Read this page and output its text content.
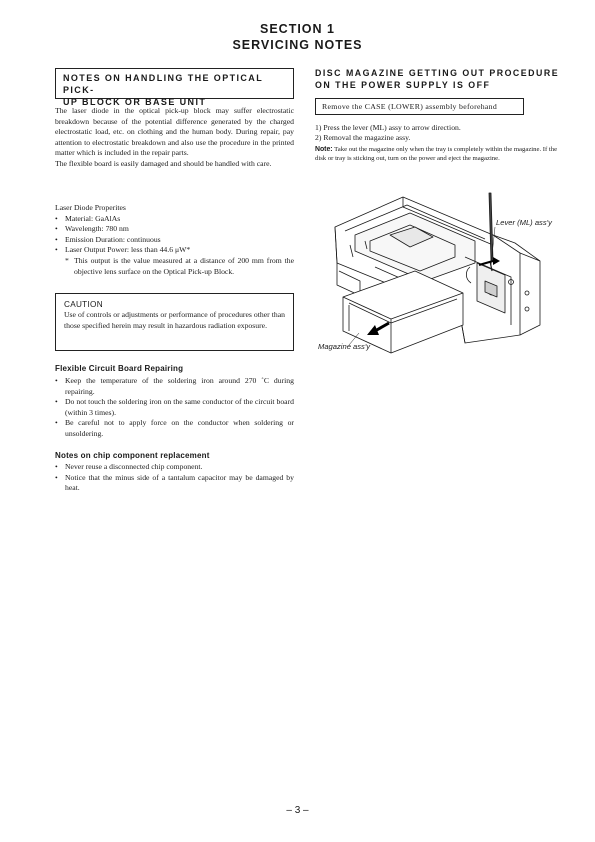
SECTION 1
SERVICING NOTES
NOTES ON HANDLING THE OPTICAL PICK-
UP BLOCK OR BASE UNIT

The laser diode in the optical pick-up block may suffer electrostatic breakdown because of the potential difference generated by the charged electrostatic load, etc. on clothing and the human body. During repair, pay attention to electrostatic breakdown and also use the procedure in the printed matter which is included in the repair parts.

The flexible board is easily damaged and should be handled with care.

Laser Diode Properites

• Material: GaAlAs
• Wavelength: 780 nm
• Emission Duration: continuous
• Laser Output Power: less than 44.6 μW*
* This output is the value measured at a distance of 200 mm from the objective lens surface on the Optical Pick-up Block.
CAUTION
Use of controls or adjustments or performance of procedures other than those specified herein may result in hazardous radiation exposure.
Flexible Circuit Board Repairing
• Keep the temperature of the soldering iron around 270 ˚C during repairing.
• Do not touch the soldering iron on the same conductor of the circuit board (within 3 times).
• Be careful not to apply force on the conductor when soldering or unsoldering.
Notes on chip component replacement
• Never reuse a disconnected chip component.
• Notice that the minus side of a tantalum capacitor may be damaged by heat.
DISC MAGAZINE GETTING OUT PROCEDURE
ON THE POWER SUPPLY IS OFF
Remove the CASE (LOWER) assembly beforehand
1) Press the lever (ML) assy to arrow direction.
2) Removal the magazine assy.
Note: Take out the magazine only when the tray is completely within the magazine. If the disk or tray is sticking out, turn on the power and eject the magazine.
Lever (ML) ass'y
Magazine ass'y
– 3 –
